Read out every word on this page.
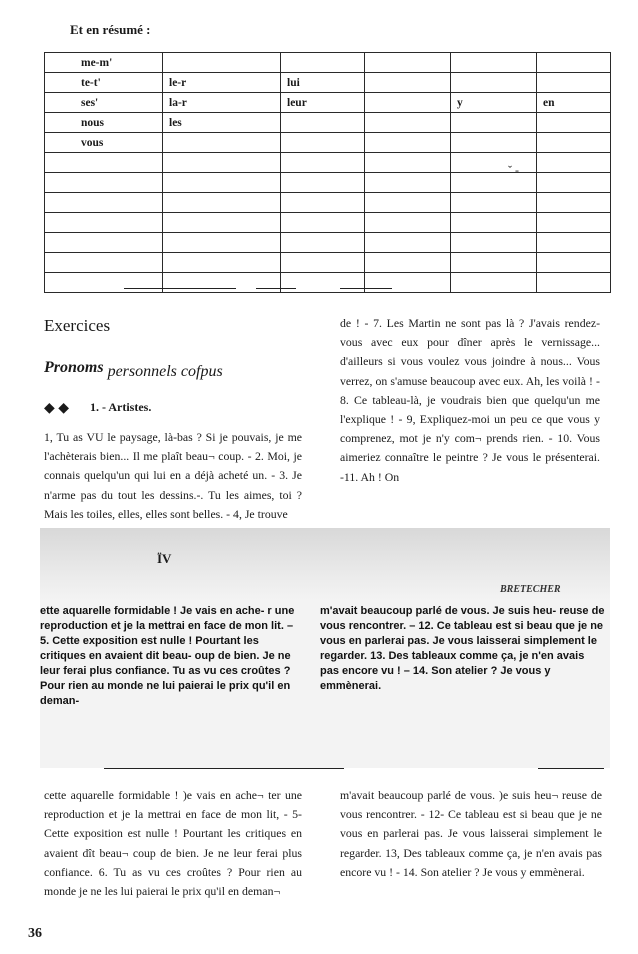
Et en résumé :
me-m'					
te-t'	le-r	lui			
ses'	la-r	leur		y	en
nous	les				
vous					

ˇ -
Exercices
Pronoms personnels cofpus
◆ ◆ 1. - Artistes.
1, Tu as VU le paysage, là-bas ? Si je pouvais, je me l'achèterais bien... Il me plaît beau¬ coup. - 2. Moi, je connais quelqu'un qui lui en a déjà acheté un. - 3. Je n'arme pas du tout les dessins.-. Tu les aimes, toi ? Mais les toiles, elles, elles sont belles. - 4, Je trouve
de ! - 7. Les Martin ne sont pas là ? J'avais rendez-vous avec eux pour dîner après le vernissage... d'ailleurs si vous voulez vous joindre à nous... Vous verrez, on s'amuse beaucoup avec eux. Ah, les voilà ! - 8. Ce tableau-là, je voudrais bien que quelqu'un me l'explique ! - 9, Expliquez-moi un peu ce que vous y comprenez, mot je n'y com¬ prends rien. - 10. Vous aimeriez connaître le peintre ? Je vous le présenterai. -11. Ah ! On
BRETECHER
ette aquarelle formidable ! Je vais en ache- r une reproduction et je la mettrai en face de mon lit. – 5. Cette exposition est nulle ! Pourtant les critiques en avaient dit beau- oup de bien. Je ne leur ferai plus confiance. Tu as vu ces croûtes ? Pour rien au monde ne lui paierai le prix qu'il en deman-
m'avait beaucoup parlé de vous. Je suis heu- reuse de vous rencontrer. – 12. Ce tableau est si beau que je ne vous en parlerai pas. Je vous laisserai simplement le regarder. 13. Des tableaux comme ça, je n'en avais pas encore vu ! – 14. Son atelier ? Je vous y emmènerai.
ÏV
cette aquarelle formidable ! )e vais en ache¬ ter une reproduction et je la mettrai en face de mon lit, - 5- Cette exposition est nulle ! Pourtant les critiques en avaient dît beau¬ coup de bien. Je ne leur ferai plus confiance. 6. Tu as vu ces croûtes ? Pour rien au monde je ne les lui paierai le prix qu'il en deman¬
m'avait beaucoup parlé de vous. )e suis heu¬ reuse de vous rencontrer. - 12- Ce tableau est si beau que je ne vous en parlerai pas. Je vous laisserai simplement le regarder. 13, Des tableaux comme ça, je n'en avais pas encore vu ! - 14. Son atelier ? Je vous y emmènerai.
36
